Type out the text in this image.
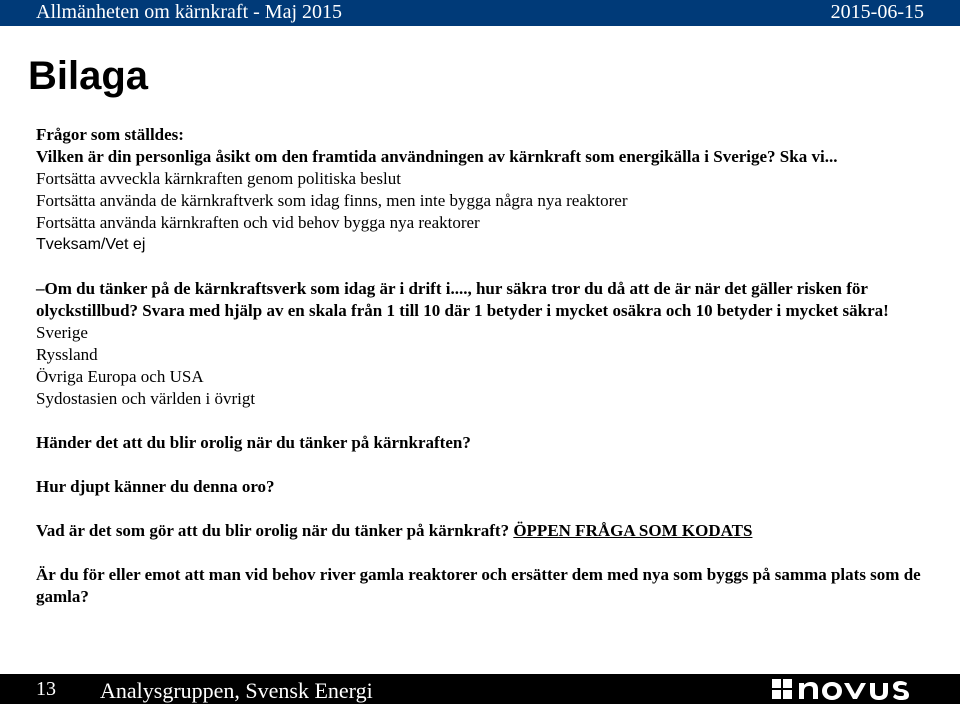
Allmänheten om kärnkraft - Maj 2015	2015-06-15
Bilaga
Frågor som ställdes:
Vilken är din personliga åsikt om den framtida användningen av kärnkraft som energikälla i Sverige? Ska vi...
Fortsätta avveckla kärnkraften genom politiska beslut
Fortsätta använda de kärnkraftverk som idag finns, men inte bygga några nya reaktorer
Fortsätta använda kärnkraften och vid behov bygga nya reaktorer
Tveksam/Vet ej
–Om du tänker på de kärnkraftsverk som idag är i drift i...., hur säkra tror du då att de är när det gäller risken för olyckstillbud? Svara med hjälp av en skala från 1 till 10 där 1 betyder i mycket osäkra och 10 betyder i mycket säkra!
Sverige
Ryssland
Övriga Europa och USA
Sydostasien och världen i övrigt
Händer det att du blir orolig när du tänker på kärnkraften?
Hur djupt känner du denna oro?
Vad är det som gör att du blir orolig när du tänker på kärnkraft? ÖPPEN FRÅGA SOM KODATS
Är du för eller emot att man vid behov river gamla reaktorer och ersätter dem med nya som byggs på samma plats som de gamla?
13 Analysgruppen, Svensk Energi
